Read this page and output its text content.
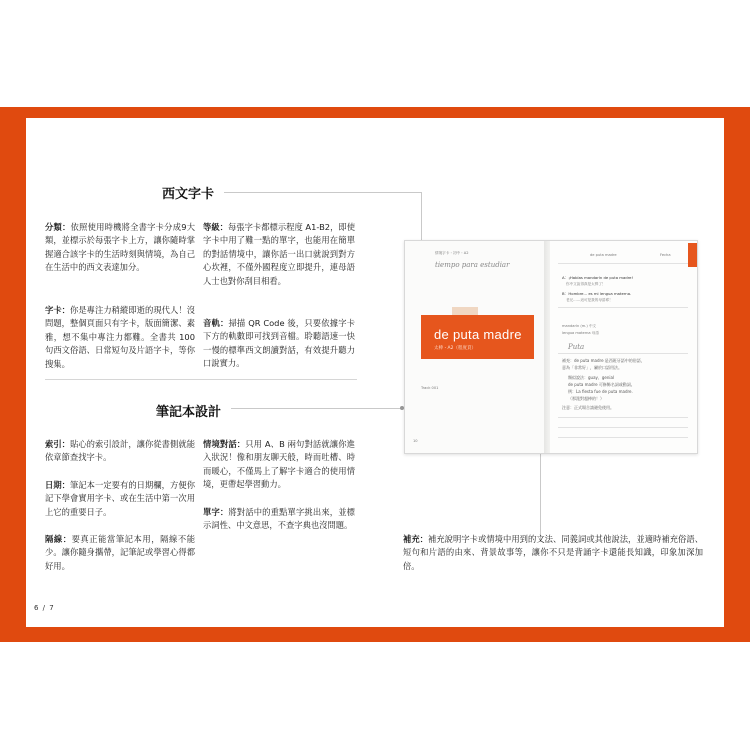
西文字卡
分類：依照使用時機將全書字卡分成9大類，並標示於每張字卡上方，讓你隨時掌握適合該字卡的生活時刻與情境，為自己在生活中的西文表達加分。
字卡：你是專注力稍縱即逝的現代人！沒問題，整個頁面只有字卡，版面簡潔、素雅，想不集中專注力都難。全書共 100 句西文俗語、日常短句及片語字卡，等你搜集。
等級：每張字卡都標示程度 A1-B2，即使字卡中用了難一點的單字，也能用在簡單的對話情境中，讓你話一出口就說到對方心坎裡，不僅外國程度立即提升，連母語人士也對你刮目相看。
音軌：掃描 QR Code 後，只要依據字卡下方的軌數即可找到音檔。聆聽語速一快一慢的標準西文朗讀對話，有效提升聽力口說實力。
筆記本設計
索引：貼心的索引設計，讓你從書側就能依章節查找字卡。
日期：筆記本一定要有的日期欄，方便你記下學會實用字卡、或在生活中第一次用上它的重要日子。
隔線：要真正能當筆記本用，隔線不能少。讓你隨身攜帶，記筆記或學習心得都好用。
情境對話：只用 A、B 兩句對話就讓你進入狀況！像和朋友聊天般，時而吐槽、時而暖心，不僅馬上了解字卡適合的使用情境，更帶起學習動力。
單字：將對話中的重點單字挑出來，並標示詞性、中文意思，不查字典也沒問題。
補充：補充說明字卡或情境中用到的文法、同義詞或其他說法，並適時補充俗語、短句和片語的由來、背景故事等，讓你不只是背誦字卡還能長知識，印象加深加倍。
情境字卡・初中・A2
tiempo para estudiar
de puta madre
太棒・A2（程度頁）
Track 001
10
de puta madre	Fecha
A：¡Hablas mandarín de puta madre!
你中文說得真是太棒了！
B：Hombre... es mi lengua materna.
老兄……這可是我的母語耶！
mandarín (m.) 中文
lengua materna 母語
Puta
補充：de puta madre 是西班牙語中的俗語，
意為「非常好」，屬於口語用法。
類似說法：guay、genial
de puta madre 可修飾名詞或動詞。
例：La fiesta fue de puta madre.
（那派對超棒的！）
注意：正式場合請避免使用。
6 / 7
